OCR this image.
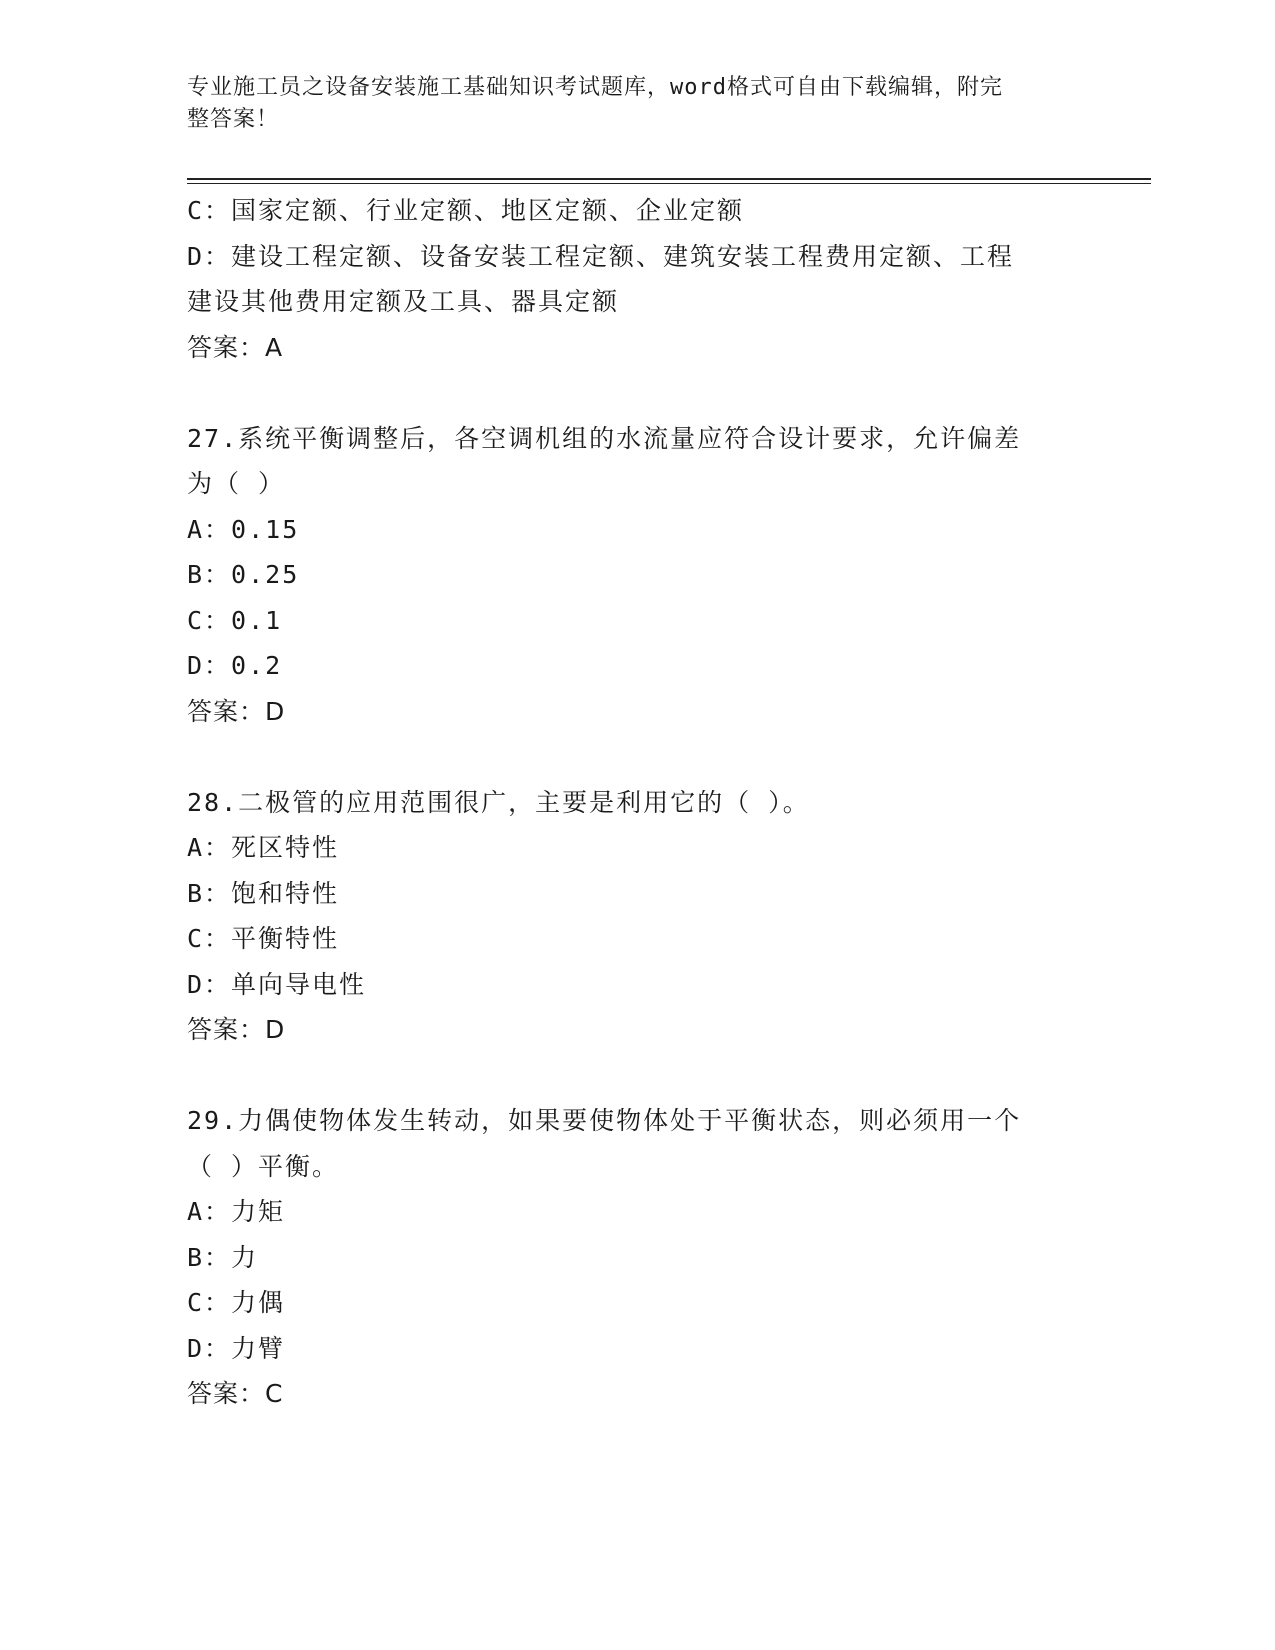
专业施工员之设备安装施工基础知识考试题库，word格式可自由下载编辑，附完
整答案！
C：国家定额、行业定额、地区定额、企业定额
D：建设工程定额、设备安装工程定额、建筑安装工程费用定额、工程
建设其他费用定额及工具、器具定额
答案：A
27.系统平衡调整后，各空调机组的水流量应符合设计要求，允许偏差
为（ ）
A：0.15
B：0.25
C：0.1
D：0.2
答案：D
28.二极管的应用范围很广，主要是利用它的（ ）。
A：死区特性
B：饱和特性
C：平衡特性
D：单向导电性
答案：D
29.力偶使物体发生转动，如果要使物体处于平衡状态，则必须用一个
（ ）平衡。
A：力矩
B：力
C：力偶
D：力臂
答案：C
